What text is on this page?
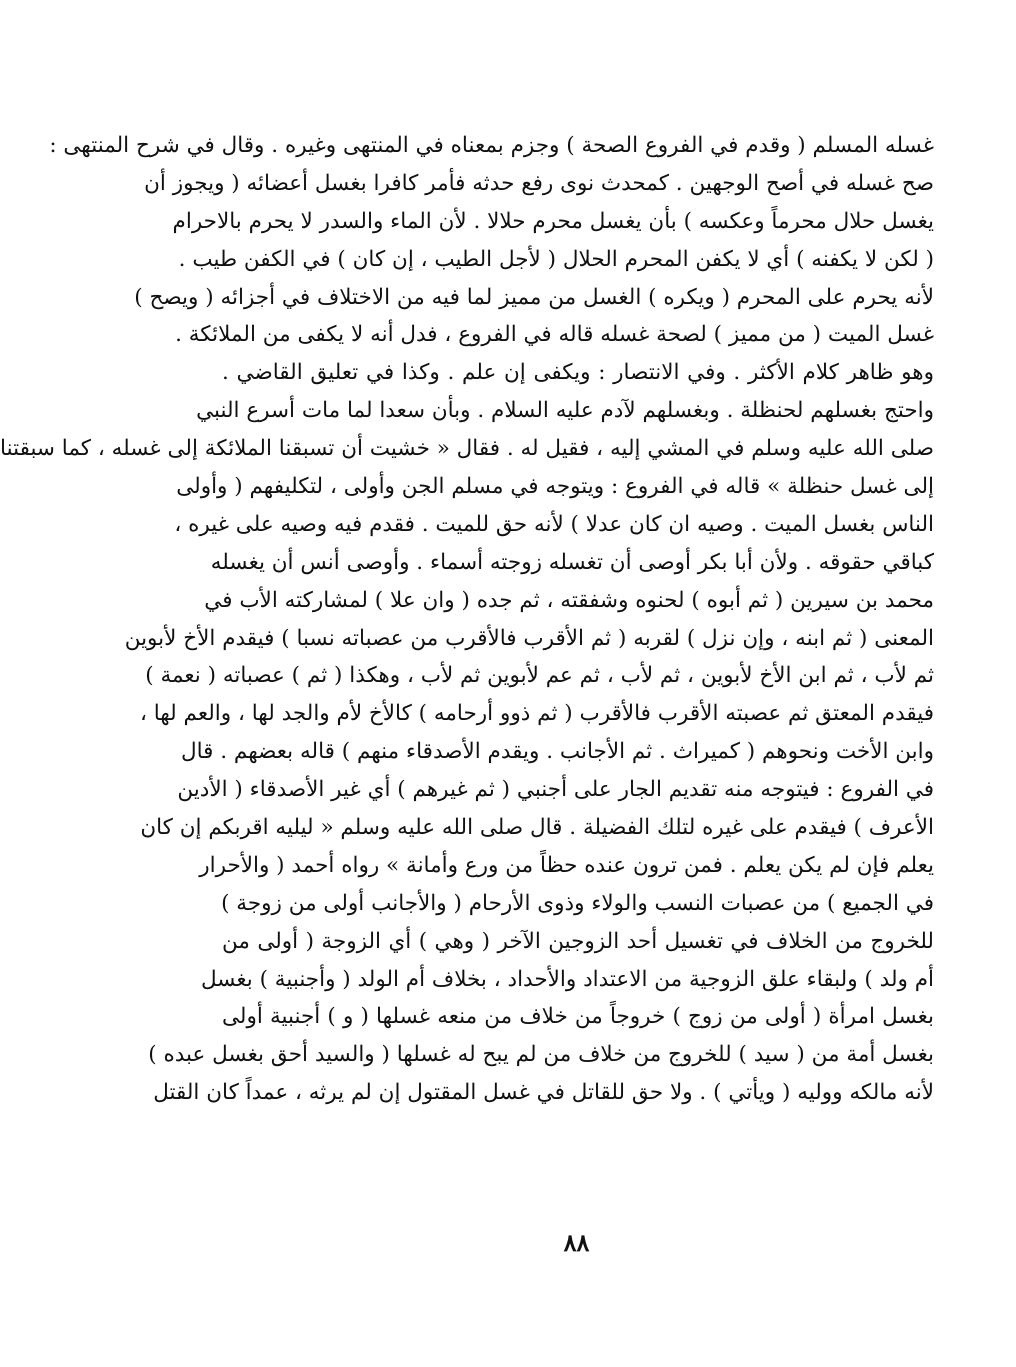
غسله المسلم ( وقدم في الفروع الصحة ) وجزم بمعناه في المنتهى وغيره . وقال في شرح المنتهى :
صح غسله في أصح الوجهين . كمحدث نوى رفع حدثه فأمر كافرا بغسل أعضائه ( ويجوز أن
يغسل حلال محرماً وعكسه ) بأن يغسل محرم حلالا . لأن الماء والسدر لا يحرم بالاحرام
( لكن لا يكفنه ) أي لا يكفن المحرم الحلال ( لأجل الطيب ، إن كان ) في الكفن طيب .
لأنه يحرم على المحرم ( ويكره ) الغسل من مميز لما فيه من الاختلاف في أجزائه ( ويصح )
غسل الميت ( من مميز ) لصحة غسله قاله في الفروع ، فدل أنه لا يكفى من الملائكة .
وهو ظاهر كلام الأكثر . وفي الانتصار : ويكفى إن علم . وكذا في تعليق القاضي .
واحتج بغسلهم لحنظلة . وبغسلهم لآدم عليه السلام . وبأن سعدا لما مات أسرع النبي
صلى الله عليه وسلم في المشي إليه ، فقيل له . فقال « خشيت أن تسبقنا الملائكة إلى غسله ، كما سبقتنا
إلى غسل حنظلة » قاله في الفروع : ويتوجه في مسلم الجن وأولى ، لتكليفهم ( وأولى
الناس بغسل الميت . وصيه ان كان عدلا ) لأنه حق للميت . فقدم فيه وصيه على غيره ،
كباقي حقوقه . ولأن أبا بكر أوصى أن تغسله زوجته أسماء . وأوصى أنس أن يغسله
محمد بن سيرين ( ثم أبوه ) لحنوه وشفقته ، ثم جده ( وان علا ) لمشاركته الأب في
المعنى ( ثم ابنه ، وإن نزل ) لقربه ( ثم الأقرب فالأقرب من عصباته نسبا ) فيقدم الأخ لأبوين
ثم لأب ، ثم ابن الأخ لأبوين ، ثم لأب ، ثم عم لأبوين ثم لأب ، وهكذا ( ثم ) عصباته ( نعمة )
فيقدم المعتق ثم عصبته الأقرب فالأقرب ( ثم ذوو أرحامه ) كالأخ لأم والجد لها ، والعم لها ،
وابن الأخت ونحوهم ( كميراث . ثم الأجانب . ويقدم الأصدقاء منهم ) قاله بعضهم . قال
في الفروع : فيتوجه منه تقديم الجار على أجنبي ( ثم غيرهم ) أي غير الأصدقاء ( الأدين
الأعرف ) فيقدم على غيره لتلك الفضيلة . قال صلى الله عليه وسلم « ليليه اقربكم إن كان
يعلم فإن لم يكن يعلم . فمن ترون عنده حظاً من ورع وأمانة » رواه أحمد ( والأحرار
في الجميع ) من عصبات النسب والولاء وذوى الأرحام ( والأجانب أولى من زوجة )
للخروج من الخلاف في تغسيل أحد الزوجين الآخر ( وهي ) أي الزوجة ( أولى من
أم ولد ) ولبقاء علق الزوجية من الاعتداد والأحداد ، بخلاف أم الولد ( وأجنبية ) بغسل
بغسل امرأة ( أولى من زوج ) خروجاً من خلاف من منعه غسلها ( و ) أجنبية أولى
بغسل أمة من ( سيد ) للخروج من خلاف من لم يبح له غسلها ( والسيد أحق بغسل عبده )
لأنه مالكه ووليه ( ويأتي ) . ولا حق للقاتل في غسل المقتول إن لم يرثه ، عمداً كان القتل
٨٨
